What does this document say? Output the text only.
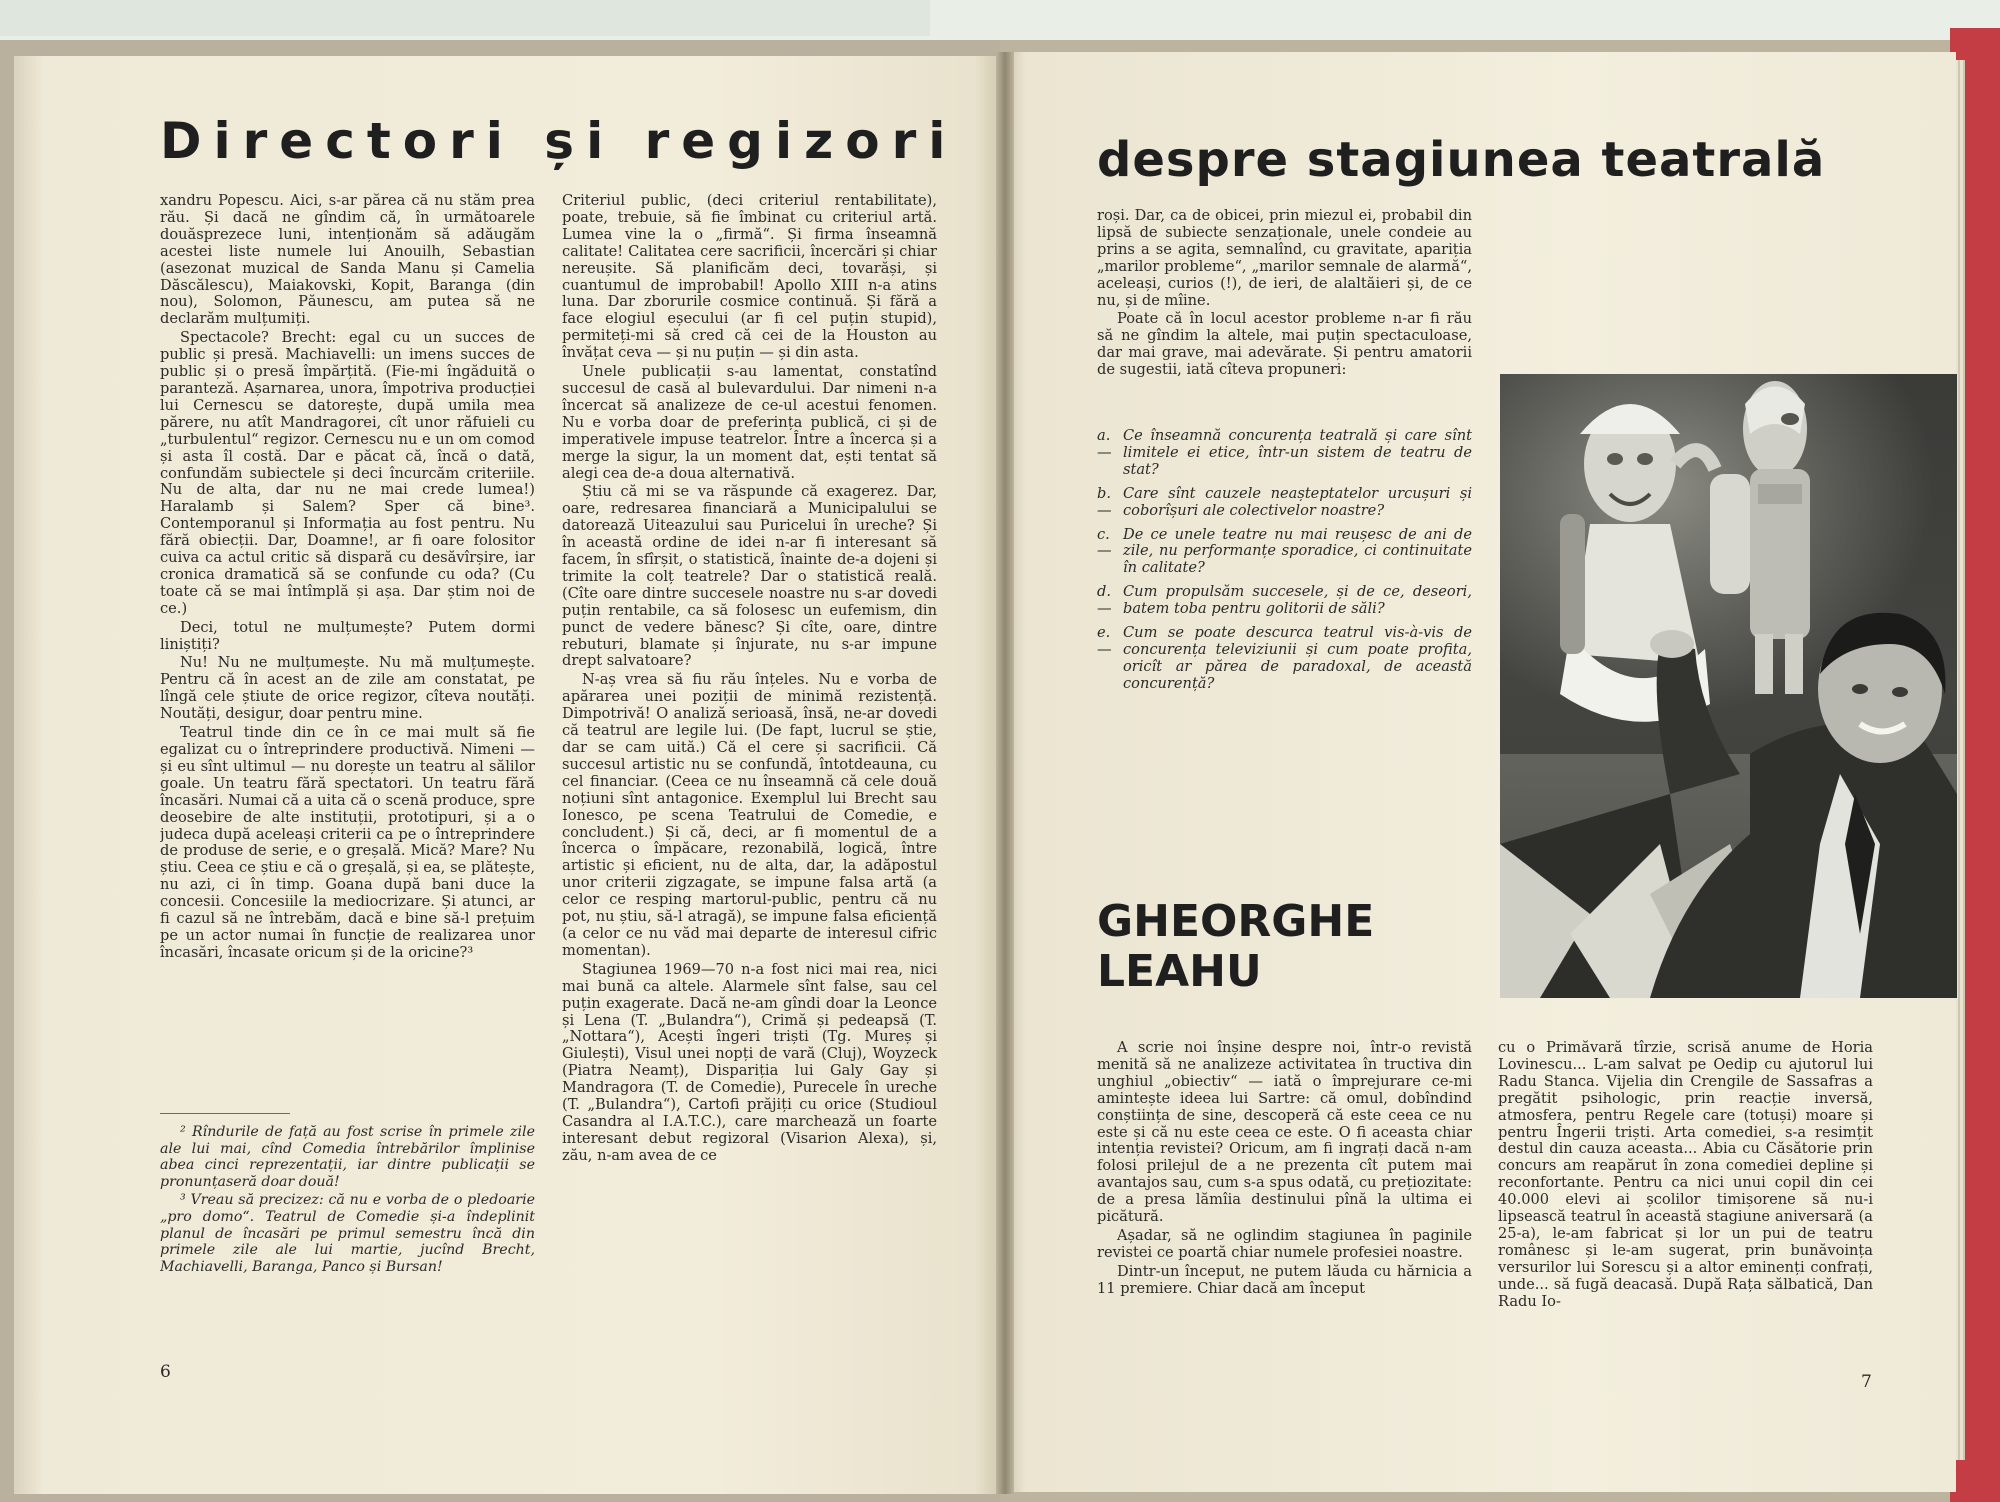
Directori și regizori	despre stagiunea teatrală

xandru Popescu. Aici, s-ar părea că nu stăm prea rău. Și dacă ne gîndim că, în următoarele douăsprezece luni, intenționăm să adăugăm acestei liste numele lui Anouilh, Sebastian (asezonat muzical de Sanda Manu și Camelia Dăscălescu), Maiakovski, Kopit, Baranga (din nou), Solomon, Păunescu, am putea să ne declarăm mulțumiți.

Spectacole? Brecht: egal cu un succes de public și presă. Machiavelli: un imens succes de public și o presă împărțită. (Fie-mi îngăduită o paranteză. Așarnarea, unora, împotriva producției lui Cernescu se datorește, după umila mea părere, nu atît Mandragorei, cît unor răfuieli cu „turbulentul“ regizor. Cernescu nu e un om comod și asta îl costă. Dar e păcat că, încă o dată, confundăm subiectele și deci încurcăm criteriile. Nu de alta, dar nu ne mai crede lumea!) Haralamb și Salem? Sper că bine³. Contemporanul și Informația au fost pentru. Nu fără obiecții. Dar, Doamne!, ar fi oare folositor cuiva ca actul critic să dispară cu desăvîrșire, iar cronica dramatică să se confunde cu oda? (Cu toate că se mai întîmplă și așa. Dar știm noi de ce.)

Deci, totul ne mulțumește? Putem dormi liniștiți?

Nu! Nu ne mulțumește. Nu mă mulțumește. Pentru că în acest an de zile am constatat, pe lîngă cele știute de orice regizor, cîteva noutăți. Noutăți, desigur, doar pentru mine.

Teatrul tinde din ce în ce mai mult să fie egalizat cu o întreprindere productivă. Nimeni — și eu sînt ultimul — nu dorește un teatru al sălilor goale. Un teatru fără spectatori. Un teatru fără încasări. Numai că a uita că o scenă produce, spre deosebire de alte instituții, prototipuri, și a o judeca după aceleași criterii ca pe o întreprindere de produse de serie, e o greșală. Mică? Mare? Nu știu. Ceea ce știu e că o greșală, și ea, se plătește, nu azi, ci în timp. Goana după bani duce la concesii. Concesiile la mediocrizare. Și atunci, ar fi cazul să ne întrebăm, dacă e bine să-l prețuim pe un actor numai în funcție de realizarea unor încasări, încasate oricum și de la oricine?³

² Rîndurile de față au fost scrise în primele zile ale lui mai, cînd Comedia întrebărilor împlinise abea cinci reprezentații, iar dintre publicații se pronunțaseră doar două!

³ Vreau să precizez: că nu e vorba de o pledoarie „pro domo“. Teatrul de Comedie și-a îndeplinit planul de încasări pe primul semestru încă din primele zile ale lui martie, jucînd Brecht, Machiavelli, Baranga, Panco și Bursan!

Criteriul public, (deci criteriul rentabilitate), poate, trebuie, să fie îmbinat cu criteriul artă. Lumea vine la o „firmă“. Și firma înseamnă calitate! Calitatea cere sacrificii, încercări și chiar nereușite. Să planificăm deci, tovarăși, și cuantumul de improbabil! Apollo XIII n-a atins luna. Dar zborurile cosmice continuă. Și fără a face elogiul eșecului (ar fi cel puțin stupid), permiteți-mi să cred că cei de la Houston au învățat ceva — și nu puțin — și din asta.

Unele publicații s-au lamentat, constatînd succesul de casă al bulevardului. Dar nimeni n-a încercat să analizeze de ce-ul acestui fenomen. Nu e vorba doar de preferința publică, ci și de imperativele impuse teatrelor. Între a încerca și a merge la sigur, la un moment dat, ești tentat să alegi cea de-a doua alternativă.

Știu că mi se va răspunde că exagerez. Dar, oare, redresarea financiară a Municipalului se datorează Uiteazului sau Puricelui în ureche? Și în această ordine de idei n-ar fi interesant să facem, în sfîrșit, o statistică, înainte de-a dojeni și trimite la colț teatrele? Dar o statistică reală. (Cîte oare dintre succesele noastre nu s-ar dovedi puțin rentabile, ca să folosesc un eufemism, din punct de vedere bănesc? Și cîte, oare, dintre rebuturi, blamate și înjurate, nu s-ar impune drept salvatoare?

N-aș vrea să fiu rău înțeles. Nu e vorba de apărarea unei poziții de minimă rezistență. Dimpotrivă! O analiză serioasă, însă, ne-ar dovedi că teatrul are legile lui. (De fapt, lucrul se știe, dar se cam uită.) Că el cere și sacrificii. Că succesul artistic nu se confundă, întotdeauna, cu cel financiar. (Ceea ce nu înseamnă că cele două noțiuni sînt antagonice. Exemplul lui Brecht sau Ionesco, pe scena Teatrului de Comedie, e concludent.) Și că, deci, ar fi momentul de a încerca o împăcare, rezonabilă, logică, între artistic și eficient, nu de alta, dar, la adăpostul unor criterii zigzagate, se impune falsa artă (a celor ce resping martorul-public, pentru că nu pot, nu știu, să-l atragă), se impune falsa eficiență (a celor ce nu văd mai departe de interesul cifric momentan).

Stagiunea 1969—70 n-a fost nici mai rea, nici mai bună ca altele. Alarmele sînt false, sau cel puțin exagerate. Dacă ne-am gîndi doar la Leonce și Lena (T. „Bulandra“), Crimă și pedeapsă (T. „Nottara“), Acești îngeri triști (Tg. Mureș și Giulești), Visul unei nopți de vară (Cluj), Woyzeck (Piatra Neamț), Dispariția lui Galy Gay și Mandragora (T. de Comedie), Purecele în ureche (T. „Bulandra“), Cartofi prăjiți cu orice (Studioul Casandra al I.A.T.C.), care marchează un foarte interesant debut regizoral (Visarion Alexa), și, zău, n-am avea de ce

6

roși. Dar, ca de obicei, prin miezul ei, probabil din lipsă de subiecte senzaționale, unele condeie au prins a se agita, semnalînd, cu gravitate, apariția „marilor probleme“, „marilor semnale de alarmă“, aceleași, curios (!), de ieri, de alaltăieri și, de ce nu, și de mîine.

Poate că în locul acestor probleme n-ar fi rău să ne gîndim la altele, mai puțin spectaculoase, dar mai grave, mai adevărate. Și pentru amatorii de sugestii, iată cîteva propuneri:

a. —
Ce înseamnă concurența teatrală și care sînt limitele ei etice, într-un sistem de teatru de stat?
b. —
Care sînt cauzele neașteptatelor urcușuri și coborîșuri ale colectivelor noastre?
c. —
De ce unele teatre nu mai reușesc de ani de zile, nu performanțe sporadice, ci continuitate în calitate?
d. —
Cum propulsăm succesele, și de ce, deseori, batem toba pentru golitorii de săli?
e. —
Cum se poate descurca teatrul vis-à-vis de concurența televiziunii și cum poate profita, oricît ar părea de paradoxal, de această concurență?
GHEORGHE
LEAHU

A scrie noi înșine despre noi, într-o revistă menită să ne analizeze activitatea în tructiva din unghiul „obiectiv“ — iată o împrejurare ce-mi amintește ideea lui Sartre: că omul, dobîndind conștiința de sine, descoperă că este ceea ce nu este și că nu este ceea ce este. O fi aceasta chiar intenția revistei? Oricum, am fi ingrați dacă n-am folosi prilejul de a ne prezenta cît putem mai avantajos sau, cum s-a spus odată, cu prețiozitate: de a presa lămîia destinului pînă la ultima ei picătură.

Așadar, să ne oglindim stagiunea în paginile revistei ce poartă chiar numele profesiei noastre.

Dintr-un început, ne putem lăuda cu hărnicia a 11 premiere. Chiar dacă am început

cu o Primăvară tîrzie, scrisă anume de Horia Lovinescu... L-am salvat pe Oedip cu ajutorul lui Radu Stanca. Vijelia din Crengile de Sassafras a pregătit psihologic, prin reacție inversă, atmosfera, pentru Regele care (totuși) moare și pentru Îngerii triști. Arta comediei, s-a resimțit destul din cauza aceasta... Abia cu Căsătorie prin concurs am reapărut în zona comediei depline și reconfortante. Pentru ca nici unui copil din cei 40.000 elevi ai școlilor timișorene să nu-i lipsească teatrul în această stagiune aniversară (a 25-a), le-am fabricat și lor un pui de teatru românesc și le-am sugerat, prin bunăvoința versurilor lui Sorescu și a altor eminenți confrați, unde... să fugă deacasă. După Rața sălbatică, Dan Radu Io-

7
